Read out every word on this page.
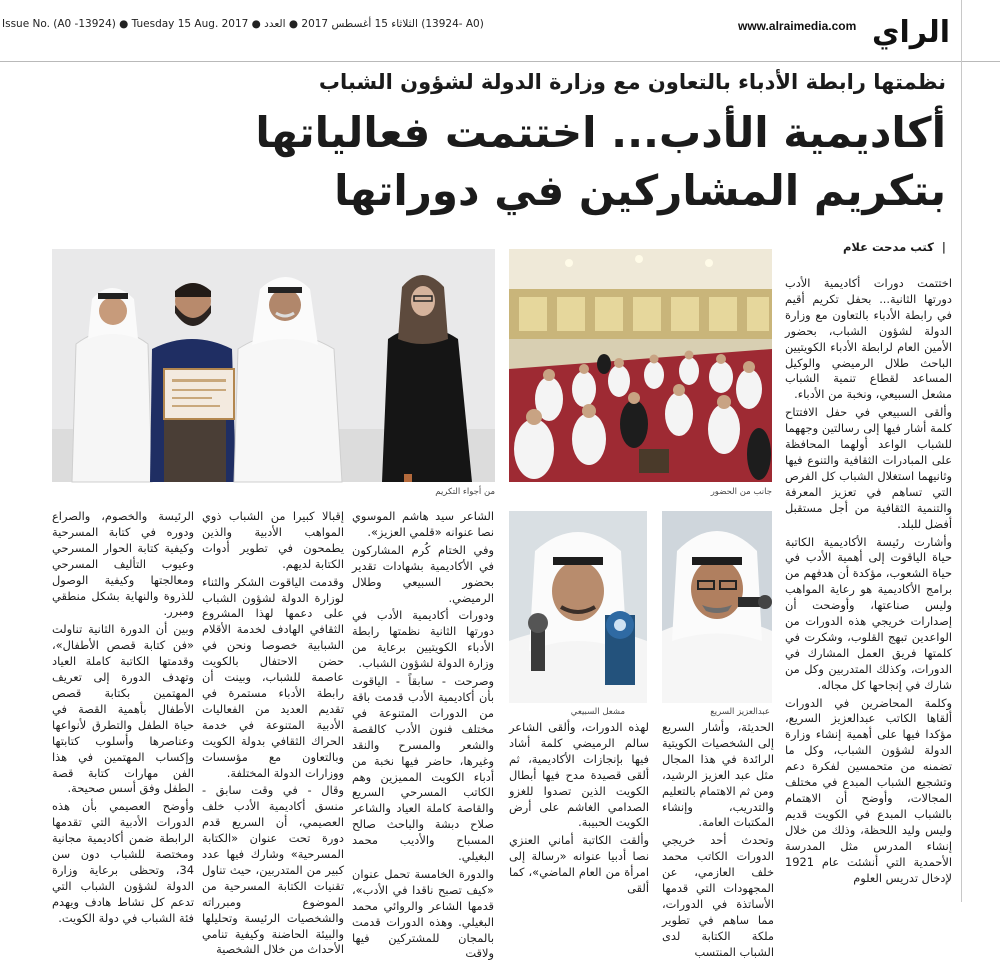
Issue No. (A0 -13924) ● Tuesday 15 Aug. 2017 ● الثلاثاء 15 أغسطس 2017 ● العدد (13924- A0)	www.alraimedia.com الراي
نظمتها رابطة الأدباء بالتعاون مع وزارة الدولة لشؤون الشباب
أكاديمية الأدب... اختتمت فعالياتها
بتكريم المشاركين في دوراتها
| كتب مدحت علام
جانب من الحضور
من أجواء التكريم
عبدالعزيز السريع
مشعل السبيعي

اختتمت دورات أكاديمية الأدب دورتها الثانية... بحفل تكريم أقيم في رابطة الأدباء بالتعاون مع وزارة الدولة لشؤون الشباب، بحضور الأمين العام لرابطة الأدباء الكويتيين الباحث طلال الرميضي والوكيل المساعد لقطاع تنمية الشباب مشعل السبيعي، ونخبة من الأدباء.

وألقى السبيعي في حفل الافتتاح كلمة أشار فيها إلى رسالتين وجههما للشباب الواعد أولهما المحافظة على المبادرات الثقافية والتنوع فيها وثانيهما استغلال الشباب كل الفرص التي تساهم في تعزيز المعرفة والتنمية الثقافية من أجل مستقبل أفضل للبلد.

وأشارت رئيسة الأكاديمية الكاتبة حياة الياقوت إلى أهمية الأدب في حياة الشعوب، مؤكدة أن هدفهم من برامج الأكاديمية هو رعاية المواهب وليس صناعتها، وأوضحت أن إصدارات خريجي هذه الدورات من الواعدين تبهج القلوب، وشكرت في كلمتها فريق العمل المشارك في الدورات، وكذلك المتدربين وكل من شارك في إنجاحها كل مجاله.

وكلمة المحاضرين في الدورات ألقاها الكاتب عبدالعزيز السريع، مؤكدا فيها على أهمية إنشاء وزارة الدولة لشؤون الشباب، وكل ما تضمنه من متحمسين لفكرة دعم وتشجيع الشباب المبدع في مختلف المجالات، وأوضح أن الاهتمام بالشباب المبدع في الكويت قديم وليس وليد اللحظة، وذلك من خلال إنشاء المدرس مثل المدرسة الأحمدية التي أنشئت عام 1921 لإدخال تدريس العلوم

الحديثة، وأشار السريع إلى الشخصيات الكويتية الرائدة في هذا المجال مثل عبد العزيز الرشيد، ومن ثم الاهتمام بالتعليم والتدريب، وإنشاء المكتبات العامة.

وتحدث أحد خريجي الدورات الكاتب محمد خلف العازمي، عن المجهودات التي قدمها الأساتذة في الدورات، مما ساهم في تطوير ملكة الكتابة لدى الشباب المنتسب

لهذه الدورات، وألقى الشاعر سالم الرميضي كلمة أشاد فيها بإنجازات الأكاديمية، ثم ألقى قصيدة مدح فيها أبطال الكويت الذين تصدوا للغزو الصدامي الغاشم على أرض الكويت الحبيبة.

وألقت الكاتبة أماني العنزي نصا أدبيا عنوانه «رسالة إلى امرأة من العام الماضي»، كما ألقى

الشاعر سيد هاشم الموسوي نصا عنوانه «قلمي العزيز».

وفي الختام كُرم المشاركون في الأكاديمية بشهادات تقدير بحضور السبيعي وطلال الرميضي.

ودورات أكاديمية الأدب في دورتها الثانية نظمتها رابطة الأدباء الكويتيين برعاية من وزارة الدولة لشؤون الشباب.

وصرحت - سابقاً - الياقوت بأن أكاديمية الأدب قدمت باقة من الدورات المتنوعة في مختلف فنون الأدب كالقصة والشعر والمسرح والنقد وغيرها، حاضر فيها نخبة من أدباء الكويت المميزين وهم الكاتب المسرحي السريع والقاصة كاملة العياد والشاعر صلاح دبشة والباحث صالح المسباح والأديب محمد البغيلي.

والدورة الخامسة تحمل عنوان «كيف تصبح ناقدا في الأدب»، قدمها الشاعر والروائي محمد البغيلي. وهذه الدورات قدمت بالمجان للمشتركين فيها ولاقت

إقبالا كبيرا من الشباب ذوي المواهب الأدبية والذين يطمحون في تطوير أدوات الكتابة لديهم.

وقدمت الياقوت الشكر والثناء لوزارة الدولة لشؤون الشباب على دعمها لهذا المشروع الثقافي الهادف لخدمة الأقلام الشبابية خصوصا ونحن في حضن الاحتفال بالكويت عاصمة للشباب، وبينت أن رابطة الأدباء مستمرة في تقديم العديد من الفعاليات الأدبية المتنوعة في خدمة الحراك الثقافي بدولة الكويت وبالتعاون مع مؤسسات ووزارات الدولة المختلفة.

وقال - في وقت سابق - منسق أكاديمية الأدب خلف العصيمي، أن السريع قدم دورة تحت عنوان «الكتابة المسرحية» وشارك فيها عدد كبير من المتدربين، حيث تناول تقنيات الكتابة المسرحية من الموضوع ومبرراته والشخصيات الرئيسة وتحليلها والبيئة الحاضنة وكيفية تنامي الأحداث من خلال الشخصية

الرئيسة والخصوم، والصراع ودوره في كتابة المسرحية وكيفية كتابة الحوار المسرحي وعيوب التأليف المسرحي ومعالجتها وكيفية الوصول للذروة والنهاية بشكل منطقي ومبرر.

وبين أن الدورة الثانية تناولت «فن كتابة قصص الأطفال»، وقدمتها الكاتبة كاملة العياد وتهدف الدورة إلى تعريف المهتمين بكتابة قصص الأطفال بأهمية القصة في حياة الطفل والتطرق لأنواعها وعناصرها وأسلوب كتابتها وإكساب المهتمين في هذا الفن مهارات كتابة قصة الطفل وفق أسس صحيحة.

وأوضح العصيمي بأن هذه الدورات الأدبية التي تقدمها الرابطة ضمن أكاديمية مجانية ومختصة للشباب دون سن 34، وتحظى برعاية وزارة الدولة لشؤون الشباب التي تدعم كل نشاط هادف ويهدم فئة الشباب في دولة الكويت.
